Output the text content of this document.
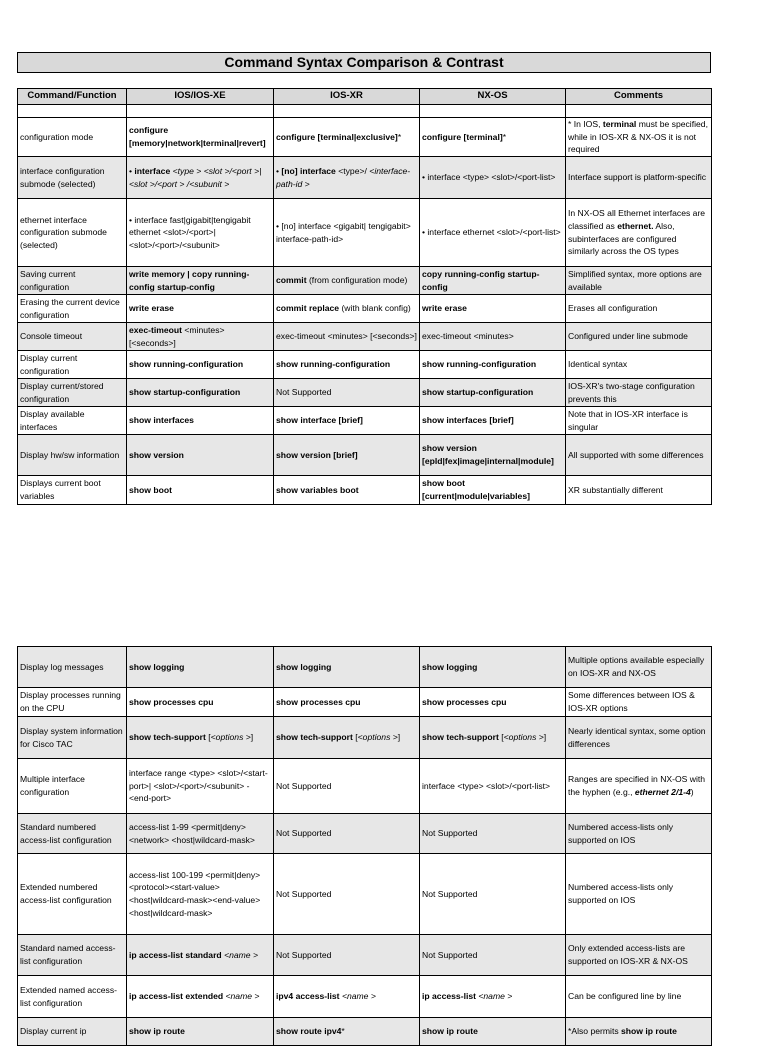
Command Syntax Comparison & Contrast
Command/Function	IOS/IOS-XE	IOS-XR	NX-OS	Comments

configuration mode	configure [memory|network|terminal|revert]	configure [terminal|exclusive]*	configure [terminal]*	* In IOS, terminal must be specified, while in IOS-XR & NX-OS it is not required
interface configuration submode (selected)	• interface <type > <slot >/<port >|<slot >/<port > /<subunit >	• [no] interface <type>/ <interface-path-id >	• interface <type> <slot>/<port-list>	Interface support is platform-specific
ethernet interface configuration submode (selected)	• interface fast|gigabit|tengigabit ethernet <slot>/<port>| <slot>/<port>/<subunit>	• [no] interface <gigabit| tengigabit> interface-path-id>	• interface ethernet <slot>/<port-list>	In NX-OS all Ethernet interfaces are classified as ethernet. Also, subinterfaces are configured similarly across the OS types
Saving current configuration	write memory | copy running-config startup-config	commit (from configuration mode)	copy running-config startup-config	Simplified syntax, more options are available
Erasing the current device configuration	write erase	commit replace (with blank config)	write erase	Erases all configuration
Console timeout	exec-timeout <minutes> [<seconds>]	exec-timeout <minutes> [<seconds>]	exec-timeout <minutes>	Configured under line submode
Display current configuration	show running-configuration	show running-configuration	show running-configuration	Identical syntax
Display current/stored configuration	show startup-configuration	Not Supported	show startup-configuration	IOS-XR's two-stage configuration prevents this
Display available interfaces	show interfaces	show interface [brief]	show interfaces [brief]	Note that in IOS-XR interface is singular
Display hw/sw information	show version	show version [brief]	show version [epld|fex|image|internal|module]	All supported with some differences
Displays current boot variables	show boot	show variables boot	show boot [current|module|variables]	XR substantially different
Display log messages	show logging	show logging	show logging	Multiple options available especially on IOS-XR and NX-OS
Display processes running on the CPU	show processes cpu	show processes cpu	show processes cpu	Some differences between IOS & IOS-XR options
Display system information for Cisco TAC	show tech-support [<options >]	show tech-support [<options >]	show tech-support [<options >]	Nearly identical syntax, some option differences
Multiple interface configuration	interface range <type> <slot>/<start-port>| <slot>/<port>/<subunit> - <end-port>	Not Supported	interface <type> <slot>/<port-list>	Ranges are specified in NX-OS with the hyphen (e.g., ethernet 2/1-4)
Standard numbered access-list configuration	access-list 1-99 <permit|deny> <network> <host|wildcard-mask>	Not Supported	Not Supported	Numbered access-lists only supported on IOS
Extended numbered access-list configuration	access-list 100-199 <permit|deny> <protocol><start-value> <host|wildcard-mask><end-value><host|wildcard-mask>	Not Supported	Not Supported	Numbered access-lists only supported on IOS
Standard named access-list configuration	ip access-list standard <name >	Not Supported	Not Supported	Only extended access-lists are supported on IOS-XR & NX-OS
Extended named access-list configuration	ip access-list extended <name >	ipv4 access-list <name >	ip access-list <name >	Can be configured line by line
Display current ip	show ip route	show route ipv4*	show ip route	*Also permits show ip route
